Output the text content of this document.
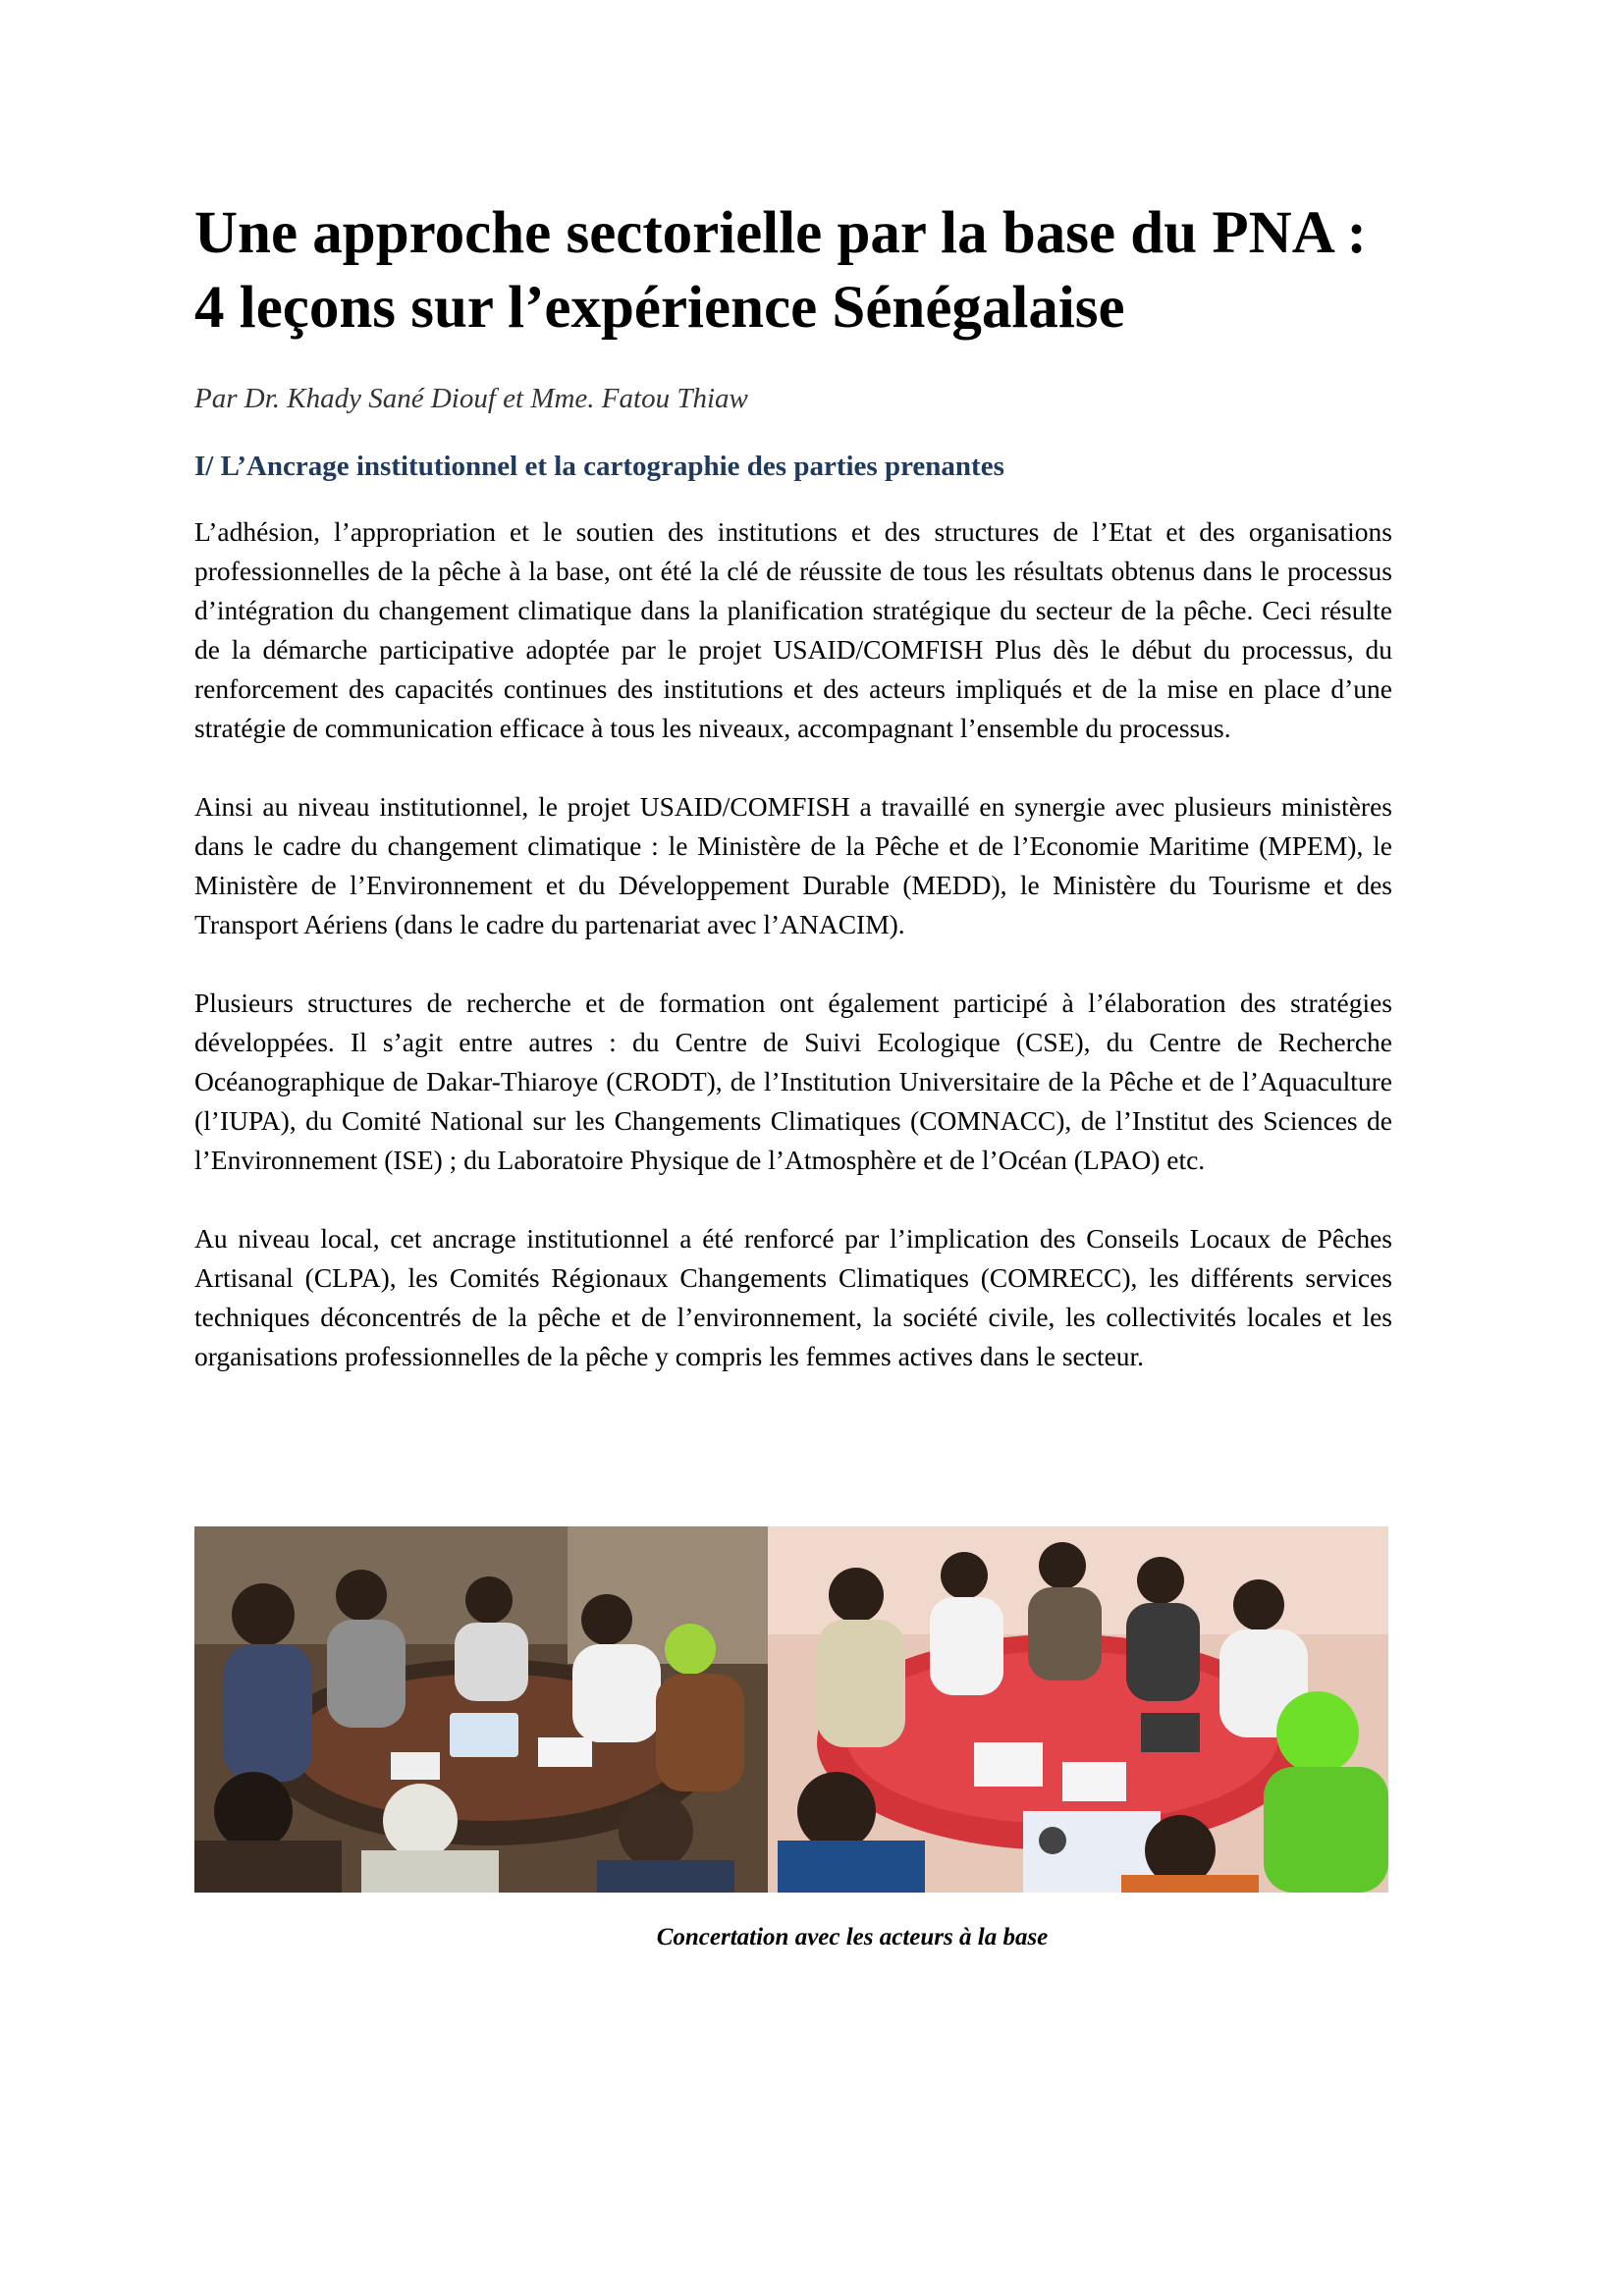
Une approche sectorielle par la base du PNA : 4 leçons sur l’expérience Sénégalaise

Par Dr. Khady Sané Diouf et Mme. Fatou Thiaw

I/ L’Ancrage institutionnel et la cartographie des parties prenantes

L’adhésion, l’appropriation et le soutien des institutions et des structures de l’Etat et des organisations professionnelles de la pêche à la base, ont été la clé de réussite de tous les résultats obtenus dans le processus d’intégration du changement climatique dans la planification stratégique du secteur de la pêche. Ceci résulte de la démarche participative adoptée par le projet USAID/COMFISH Plus dès le début du processus, du renforcement des capacités continues des institutions et des acteurs impliqués et de la mise en place d’une stratégie de communication efficace à tous les niveaux, accompagnant l’ensemble du processus.

Ainsi au niveau institutionnel, le projet USAID/COMFISH a travaillé en synergie avec plusieurs ministères dans le cadre du changement climatique : le Ministère de la Pêche et de l’Economie Maritime (MPEM), le Ministère de l’Environnement et du Développement Durable (MEDD), le Ministère du Tourisme et des Transport Aériens (dans le cadre du partenariat avec l’ANACIM).

Plusieurs structures de recherche et de formation ont également participé à l’élaboration des stratégies développées. Il s’agit entre autres : du Centre de Suivi Ecologique (CSE), du Centre de Recherche Océanographique de Dakar-Thiaroye (CRODT), de l’Institution Universitaire de la Pêche et de l’Aquaculture (l’IUPA), du Comité National sur les Changements Climatiques (COMNACC), de l’Institut des Sciences de l’Environnement (ISE) ; du Laboratoire Physique de l’Atmosphère et de l’Océan (LPAO) etc.

Au niveau local, cet ancrage institutionnel a été renforcé par l’implication des Conseils Locaux de Pêches Artisanal (CLPA), les Comités Régionaux Changements Climatiques (COMRECC), les différents services techniques déconcentrés de la pêche et de l’environnement, la société civile, les collectivités locales et les organisations professionnelles de la pêche y compris les femmes actives dans le secteur.

Concertation avec les acteurs à la base
